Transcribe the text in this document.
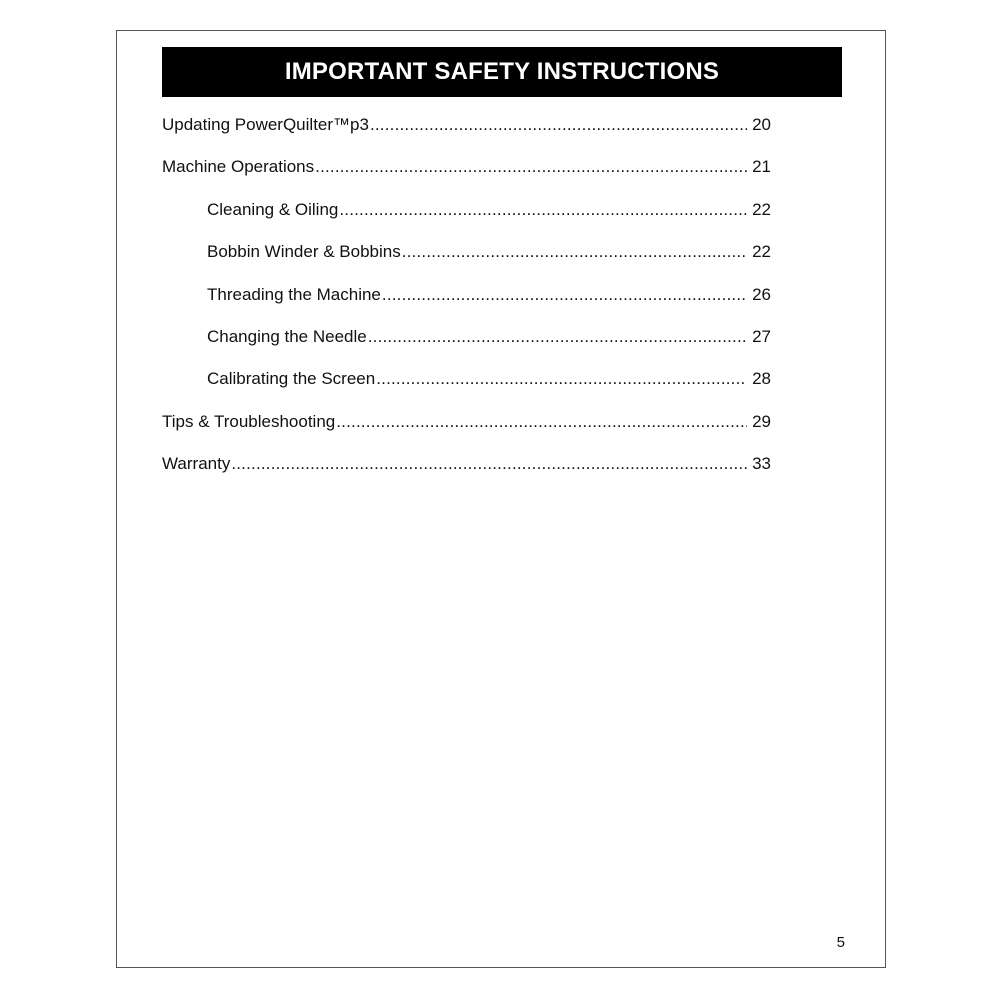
IMPORTANT SAFETY INSTRUCTIONS
Updating PowerQuilter™p3 .....	20
Machine Operations .....	21
Cleaning & Oiling .....	22
Bobbin Winder & Bobbins .....	22
Threading the Machine .....	26
Changing the Needle .....	27
Calibrating the Screen .....	28
Tips & Troubleshooting .....	29
Warranty .....	33
5
